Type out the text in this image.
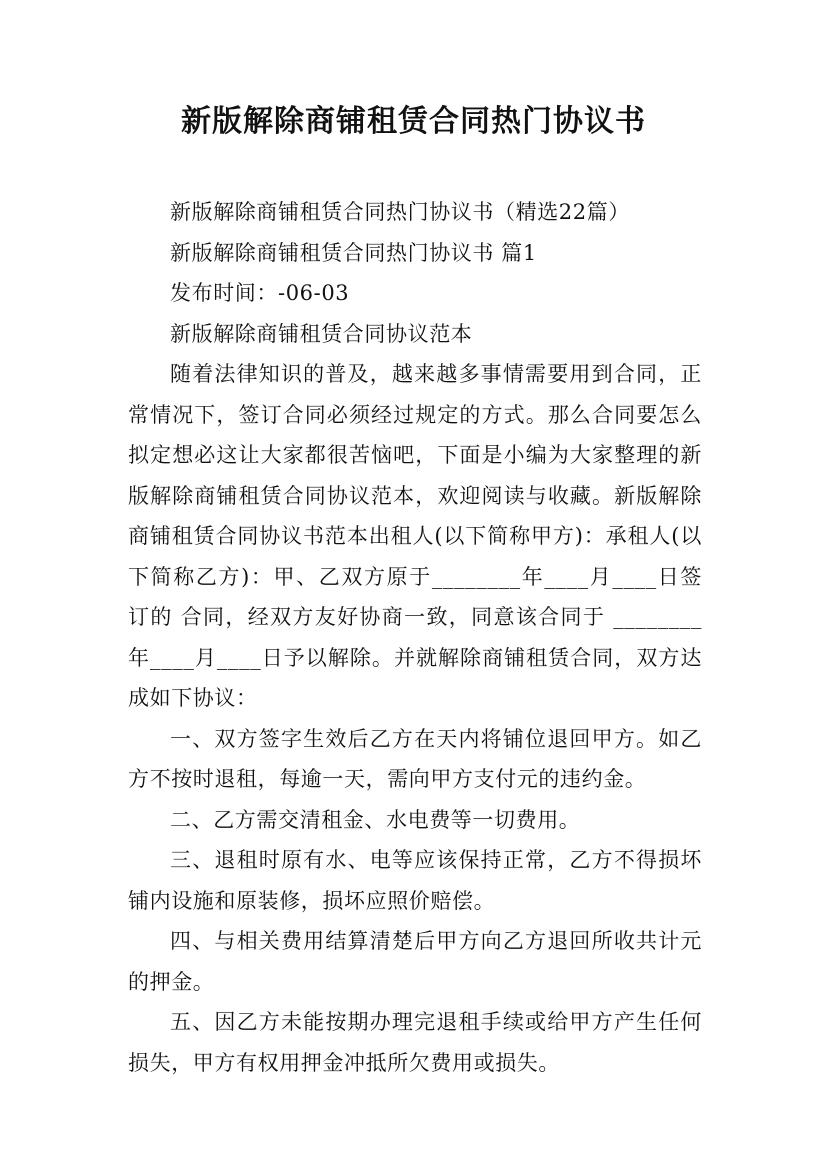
新版解除商铺租赁合同热门协议书

新版解除商铺租赁合同热门协议书（精选22篇）

新版解除商铺租赁合同热门协议书 篇1

发布时间：-06-03

新版解除商铺租赁合同协议范本

随着法律知识的普及，越来越多事情需要用到合同，正常情况下，签订合同必须经过规定的方式。那么合同要怎么拟定想必这让大家都很苦恼吧，下面是小编为大家整理的新版解除商铺租赁合同协议范本，欢迎阅读与收藏。新版解除商铺租赁合同协议书范本出租人(以下简称甲方)：承租人(以下简称乙方)：甲、乙双方原于________年____月____日签订的 合同，经双方友好协商一致，同意该合同于 ________年____月____日予以解除。并就解除商铺租赁合同，双方达成如下协议：

一、双方签字生效后乙方在天内将铺位退回甲方。如乙方不按时退租，每逾一天，需向甲方支付元的违约金。

二、乙方需交清租金、水电费等一切费用。

三、退租时原有水、电等应该保持正常，乙方不得损坏铺内设施和原装修，损坏应照价赔偿。

四、与相关费用结算清楚后甲方向乙方退回所收共计元的押金。

五、因乙方未能按期办理完退租手续或给甲方产生任何损失，甲方有权用押金冲抵所欠费用或损失。
